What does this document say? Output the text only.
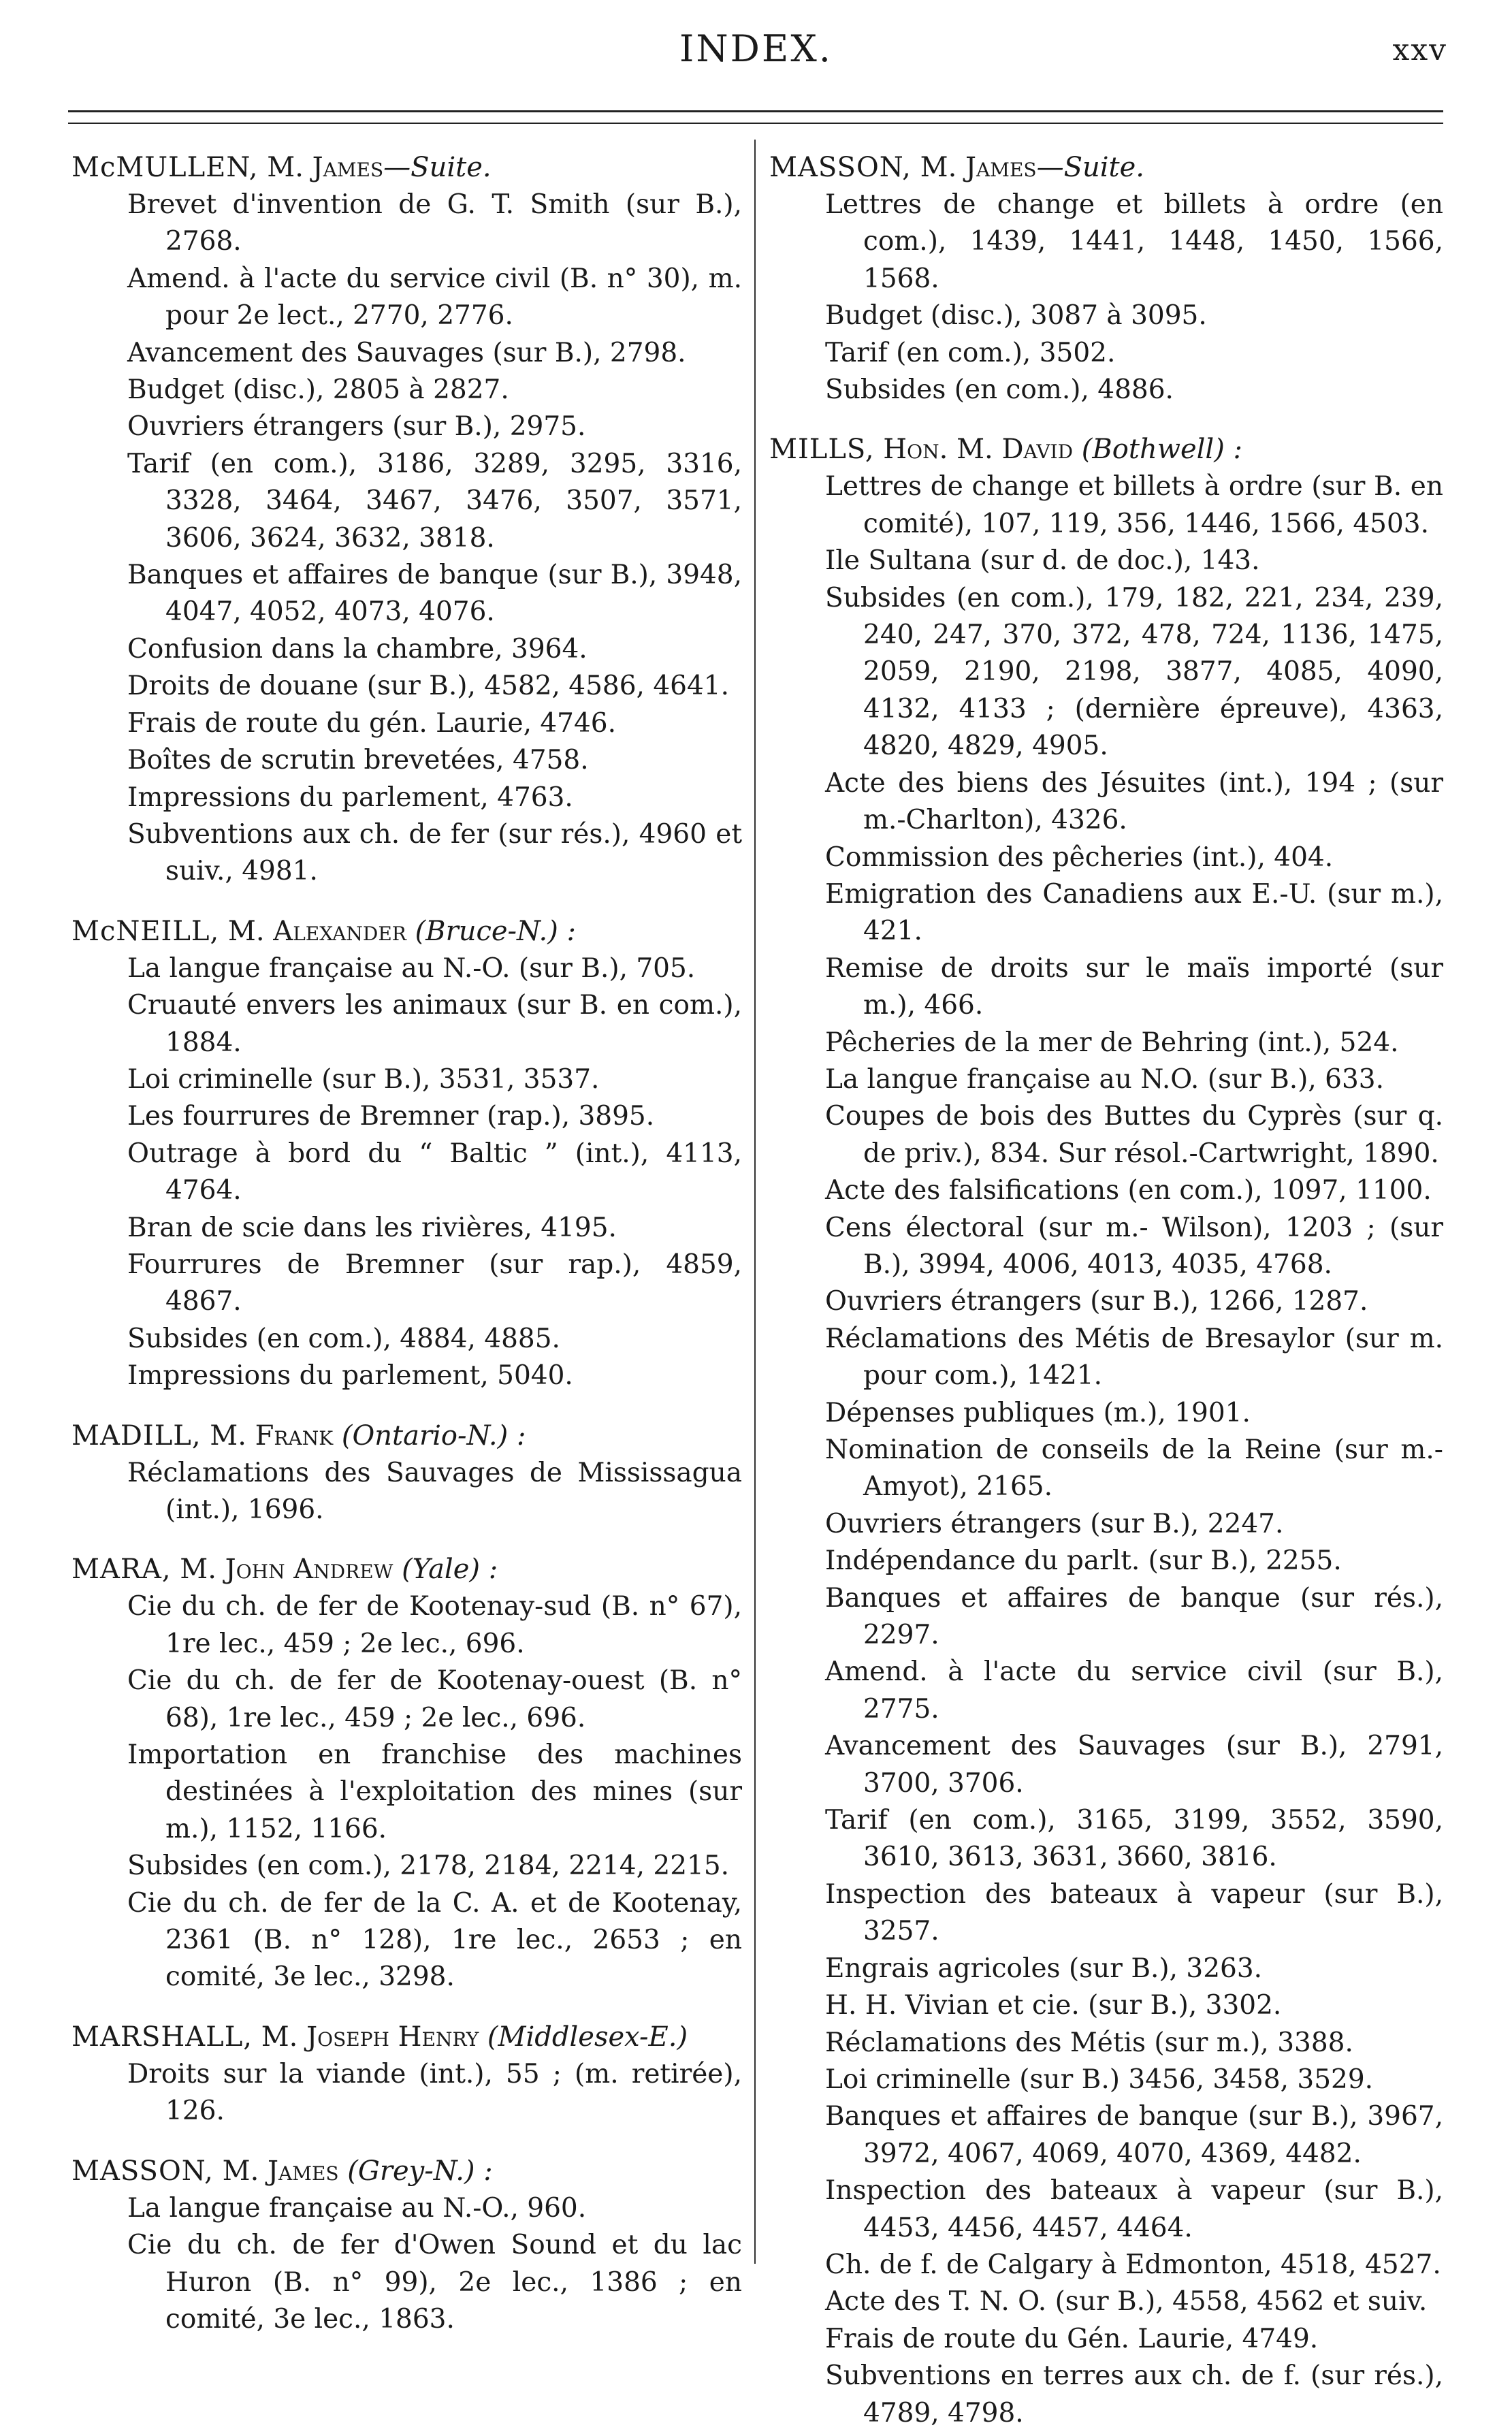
INDEX.	xxv
McMULLEN, M. James—Suite.
Brevet d'invention de G. T. Smith (sur B.), 2768.
Amend. à l'acte du service civil (B. n° 30), m. pour 2e lect., 2770, 2776.
Avancement des Sauvages (sur B.), 2798.
Budget (disc.), 2805 à 2827.
Ouvriers étrangers (sur B.), 2975.
Tarif (en com.), 3186, 3289, 3295, 3316, 3328, 3464, 3467, 3476, 3507, 3571, 3606, 3624, 3632, 3818.
Banques et affaires de banque (sur B.), 3948, 4047, 4052, 4073, 4076.
Confusion dans la chambre, 3964.
Droits de douane (sur B.), 4582, 4586, 4641.
Frais de route du gén. Laurie, 4746.
Boîtes de scrutin brevetées, 4758.
Impressions du parlement, 4763.
Subventions aux ch. de fer (sur rés.), 4960 et suiv., 4981.
McNEILL, M. Alexander (Bruce-N.) :
La langue française au N.-O. (sur B.), 705.
Cruauté envers les animaux (sur B. en com.), 1884.
Loi criminelle (sur B.), 3531, 3537.
Les fourrures de Bremner (rap.), 3895.
Outrage à bord du “ Baltic ” (int.), 4113, 4764.
Bran de scie dans les rivières, 4195.
Fourrures de Bremner (sur rap.), 4859, 4867.
Subsides (en com.), 4884, 4885.
Impressions du parlement, 5040.
MADILL, M. Frank (Ontario-N.) :
Réclamations des Sauvages de Mississagua (int.), 1696.
MARA, M. John Andrew (Yale) :
Cie du ch. de fer de Kootenay-sud (B. n° 67), 1re lec., 459 ; 2e lec., 696.
Cie du ch. de fer de Kootenay-ouest (B. n° 68), 1re lec., 459 ; 2e lec., 696.
Importation en franchise des machines destinées à l'exploitation des mines (sur m.), 1152, 1166.
Subsides (en com.), 2178, 2184, 2214, 2215.
Cie du ch. de fer de la C. A. et de Kootenay, 2361 (B. n° 128), 1re lec., 2653 ; en comité, 3e lec., 3298.
MARSHALL, M. Joseph Henry (Middlesex-E.)
Droits sur la viande (int.), 55 ; (m. retirée), 126.
MASSON, M. James (Grey-N.) :
La langue française au N.-O., 960.
Cie du ch. de fer d'Owen Sound et du lac Huron (B. n° 99), 2e lec., 1386 ; en comité, 3e lec., 1863.
MASSON, M. James—Suite.
Lettres de change et billets à ordre (en com.), 1439, 1441, 1448, 1450, 1566, 1568.
Budget (disc.), 3087 à 3095.
Tarif (en com.), 3502.
Subsides (en com.), 4886.
MILLS, Hon. M. David (Bothwell) :
Lettres de change et billets à ordre (sur B. en comité), 107, 119, 356, 1446, 1566, 4503.
Ile Sultana (sur d. de doc.), 143.
Subsides (en com.), 179, 182, 221, 234, 239, 240, 247, 370, 372, 478, 724, 1136, 1475, 2059, 2190, 2198, 3877, 4085, 4090, 4132, 4133 ; (dernière épreuve), 4363, 4820, 4829, 4905.
Acte des biens des Jésuites (int.), 194 ; (sur m.-Charlton), 4326.
Commission des pêcheries (int.), 404.
Emigration des Canadiens aux E.-U. (sur m.), 421.
Remise de droits sur le maïs importé (sur m.), 466.
Pêcheries de la mer de Behring (int.), 524.
La langue française au N.O. (sur B.), 633.
Coupes de bois des Buttes du Cyprès (sur q. de priv.), 834. Sur résol.-Cartwright, 1890.
Acte des falsifications (en com.), 1097, 1100.
Cens électoral (sur m.- Wilson), 1203 ; (sur B.), 3994, 4006, 4013, 4035, 4768.
Ouvriers étrangers (sur B.), 1266, 1287.
Réclamations des Métis de Bresaylor (sur m. pour com.), 1421.
Dépenses publiques (m.), 1901.
Nomination de conseils de la Reine (sur m.- Amyot), 2165.
Ouvriers étrangers (sur B.), 2247.
Indépendance du parlt. (sur B.), 2255.
Banques et affaires de banque (sur rés.), 2297.
Amend. à l'acte du service civil (sur B.), 2775.
Avancement des Sauvages (sur B.), 2791, 3700, 3706.
Tarif (en com.), 3165, 3199, 3552, 3590, 3610, 3613, 3631, 3660, 3816.
Inspection des bateaux à vapeur (sur B.), 3257.
Engrais agricoles (sur B.), 3263.
H. H. Vivian et cie. (sur B.), 3302.
Réclamations des Métis (sur m.), 3388.
Loi criminelle (sur B.) 3456, 3458, 3529.
Banques et affaires de banque (sur B.), 3967, 3972, 4067, 4069, 4070, 4369, 4482.
Inspection des bateaux à vapeur (sur B.), 4453, 4456, 4457, 4464.
Ch. de f. de Calgary à Edmonton, 4518, 4527.
Acte des T. N. O. (sur B.), 4558, 4562 et suiv.
Frais de route du Gén. Laurie, 4749.
Subventions en terres aux ch. de f. (sur rés.), 4789, 4798.
